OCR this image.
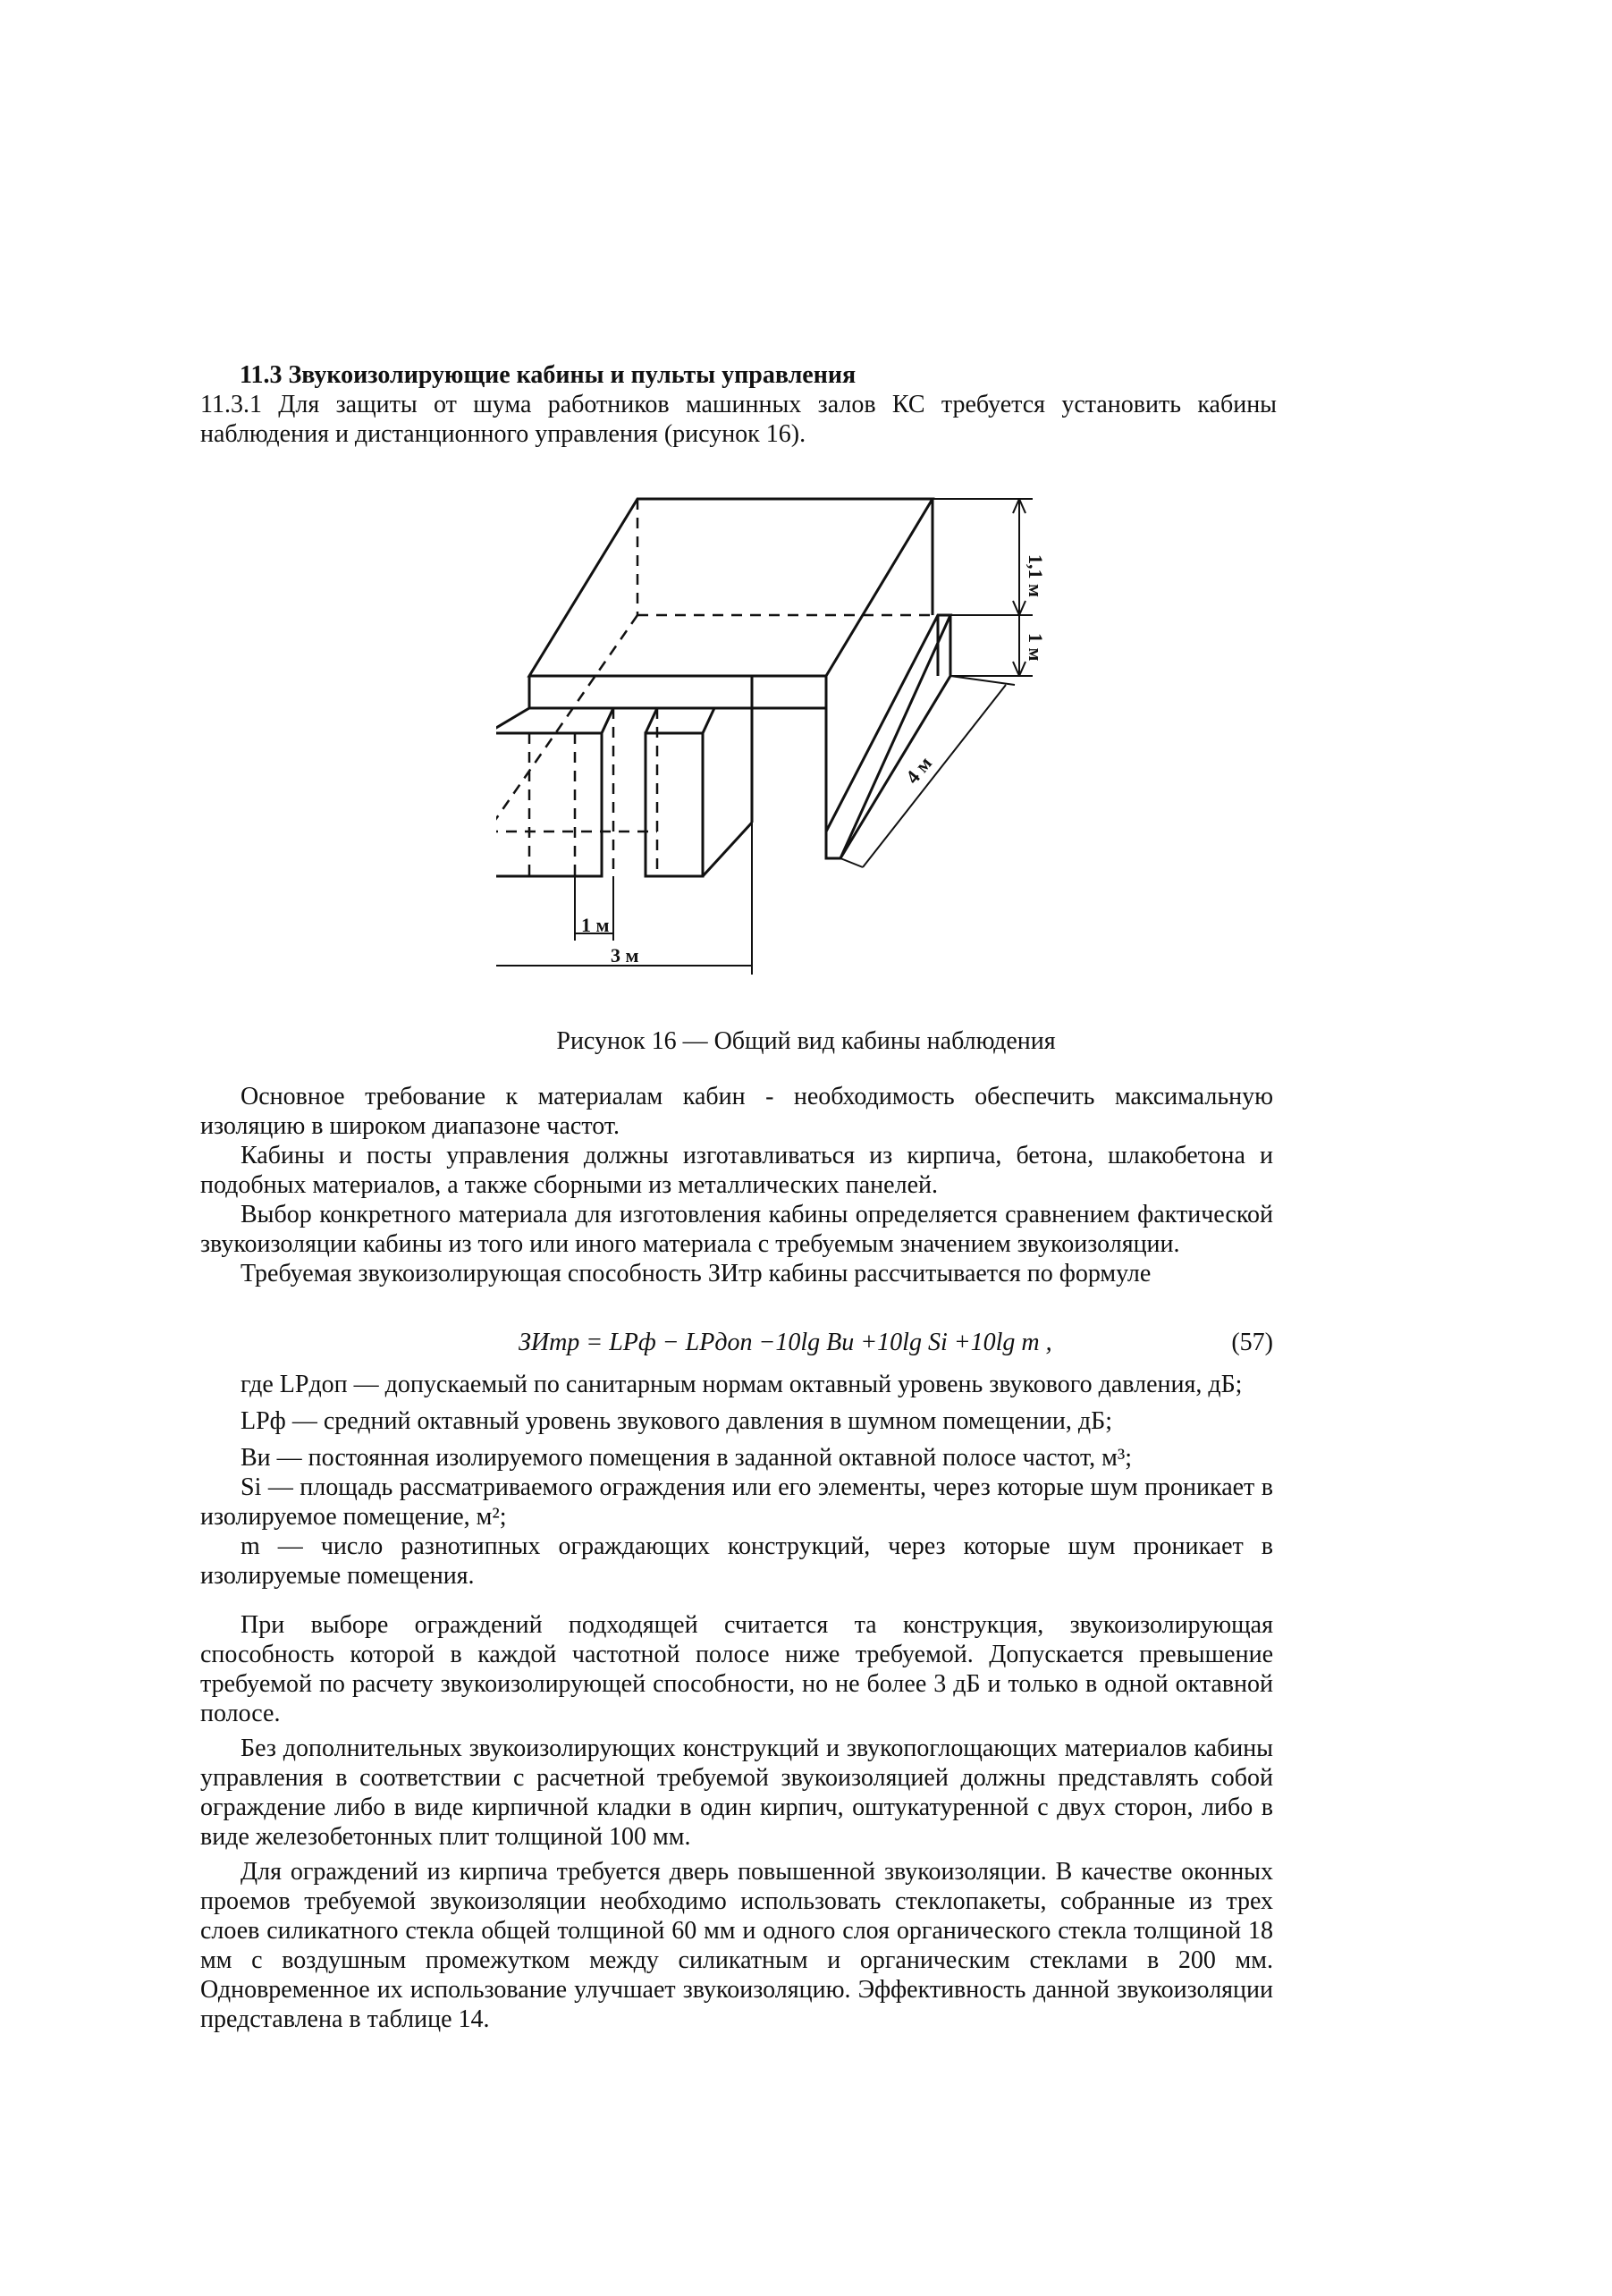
11.3 Звукоизолирующие кабины и пульты управления
11.3.1 Для защиты от шума работников машинных залов КС требуется установить кабины наблюдения и дистанционного управления (рисунок 16).
1,1 м
1 м
4 м
1 м
3 м
Рисунок 16 — Общий вид кабины наблюдения

Основное требование к материалам кабин - необходимость обеспечить максимальную изоляцию в широком диапазоне частот.

Кабины и посты управления должны изготавливаться из кирпича, бетона, шлакобетона и подобных материалов, а также сборными из металлических панелей.

Выбор конкретного материала для изготовления кабины определяется сравнением фактической звукоизоляции кабины из того или иного материала с требуемым значением звукоизоляции.

Требуемая звукоизолирующая способность ЗИтр кабины рассчитывается по формуле

ЗИтр = LPф − LPдоп −10lg Bи +10lg Si +10lg m ,	(57)

где LPдоп — допускаемый по санитарным нормам октавный уровень звукового давления, дБ;

LPф — средний октавный уровень звукового давления в шумном помещении, дБ;

Bи — постоянная изолируемого помещения в заданной октавной полосе частот, м³;

Si — площадь рассматриваемого ограждения или его элементы, через которые шум проникает в изолируемое помещение, м²;

m — число разнотипных ограждающих конструкций, через которые шум проникает в изолируемые помещения.

При выборе ограждений подходящей считается та конструкция, звукоизолирующая способность которой в каждой частотной полосе ниже требуемой. Допускается превышение требуемой по расчету звукоизолирующей способности, но не более 3 дБ и только в одной октавной полосе.

Без дополнительных звукоизолирующих конструкций и звукопоглощающих материалов кабины управления в соответствии с расчетной требуемой звукоизоляцией должны представлять собой ограждение либо в виде кирпичной кладки в один кирпич, оштукатуренной с двух сторон, либо в виде железобетонных плит толщиной 100 мм.

Для ограждений из кирпича требуется дверь повышенной звукоизоляции. В качестве оконных проемов требуемой звукоизоляции необходимо использовать стеклопакеты, собранные из трех слоев силикатного стекла общей толщиной 60 мм и одного слоя органического стекла толщиной 18 мм с воздушным промежутком между силикатным и органическим стеклами в 200 мм. Одновременное их использование улучшает звукоизоляцию. Эффективность данной звукоизоляции представлена в таблице 14.
